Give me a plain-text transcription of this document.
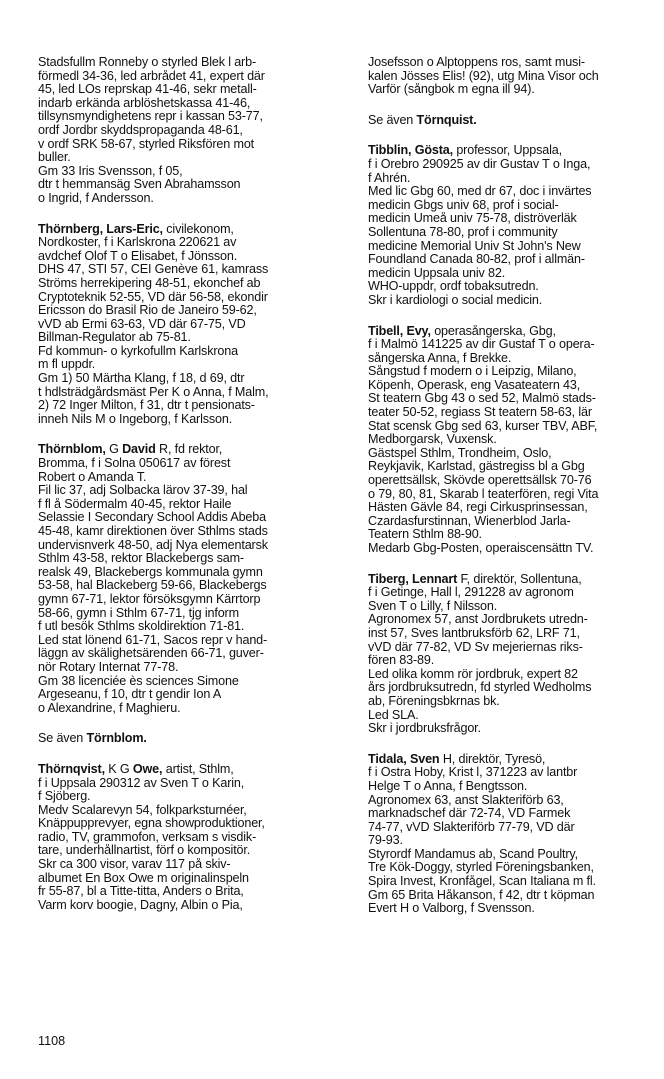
Stadsfullm Ronneby o styrled Blek l arb-
förmedl 34-36, led arbrådet 41, expert där
45, led LOs reprskap 41-46, sekr metall-
indarb erkända arblöshetskassa 41-46,
tillsynsmyndighetens repr i kassan 53-77,
ordf Jordbr skyddspropaganda 48-61,
v ordf SRK 58-67, styrled Riksfören mot
buller.
Gm 33 Iris Svensson, f 05,
dtr t hemmansäg Sven Abrahamsson
o Ingrid, f Andersson.
Thörnberg, Lars-Eric, civilekonom,
Nordkoster, f i Karlskrona 220621 av
avdchef Olof T o Elisabet, f Jönsson.
DHS 47, STI 57, CEI Genève 61, kamrass
Ströms herrekipering 48-51, ekonchef ab
Cryptoteknik 52-55, VD där 56-58, ekondir
Ericsson do Brasil Rio de Janeiro 59-62,
vVD ab Ermi 63-63, VD där 67-75, VD
Billman-Regulator ab 75-81.
Fd kommun- o kyrkofullm Karlskrona
m fl uppdr.
Gm 1) 50 Märtha Klang, f 18, d 69, dtr
t hdlsträdgårdsmäst Per K o Anna, f Malm,
2) 72 Inger Milton, f 31, dtr t pensionats-
inneh Nils M o Ingeborg, f Karlsson.
Thörnblom, G David R, fd rektor,
Bromma, f i Solna 050617 av förest
Robert o Amanda T.
Fil lic 37, adj Solbacka lärov 37-39, hal
f fl å Södermalm 40-45, rektor Haile
Selassie I Secondary School Addis Abeba
45-48, kamr direktionen över Sthlms stads
undervisnverk 48-50, adj Nya elementarsk
Sthlm 43-58, rektor Blackebergs sam-
realsk 49, Blackebergs kommunala gymn
53-58, hal Blackeberg 59-66, Blackebergs
gymn 67-71, lektor försöksgymn Kärrtorp
58-66, gymn i Sthlm 67-71, tjg inform
f utl besök Sthlms skoldirektion 71-81.
Led stat lönend 61-71, Sacos repr v hand-
läggn av skälighetsärenden 66-71, guver-
nör Rotary Internat 77-78.
Gm 38 licenciée ès sciences Simone
Argeseanu, f 10, dtr t gendir Ion A
o Alexandrine, f Maghieru.
Se även Törnblom.
Thörnqvist, K G Owe, artist, Sthlm,
f i Uppsala 290312 av Sven T o Karin,
f Sjöberg.
Medv Scalarevyn 54, folkparksturnéer,
Knäppupprevyer, egna showproduktioner,
radio, TV, grammofon, verksam s visdik-
tare, underhållnartist, förf o kompositör.
Skr ca 300 visor, varav 117 på skiv-
albumet En Box Owe m originalinspeln
fr 55-87, bl a Titte-titta, Anders o Brita,
Varm korv boogie, Dagny, Albin o Pia,
Josefsson o Alptoppens ros, samt musi-
kalen Jösses Elis! (92), utg Mina Visor och
Varför (sångbok m egna ill 94).
Se även Törnquist.
Tibblin, Gösta, professor, Uppsala,
f i Örebro 290925 av dir Gustav T o Inga,
f Ahrén.
Med lic Gbg 60, med dr 67, doc i invärtes
medicin Gbgs univ 68, prof i social-
medicin Umeå univ 75-78, diströverläk
Sollentuna 78-80, prof i community
medicine Memorial Univ St John's New
Foundland Canada 80-82, prof i allmän-
medicin Uppsala univ 82.
WHO-uppdr, ordf tobaksutredn.
Skr i kardiologi o social medicin.
Tibell, Evy, operasångerska, Gbg,
f i Malmö 141225 av dir Gustaf T o opera-
sångerska Anna, f Brekke.
Sångstud f modern o i Leipzig, Milano,
Köpenh, Operask, eng Vasateatern 43,
St teatern Gbg 43 o sed 52, Malmö stads-
teater 50-52, regiass St teatern 58-63, lär
Stat scensk Gbg sed 63, kurser TBV, ABF,
Medborgarsk, Vuxensk.
Gästspel Sthlm, Trondheim, Oslo,
Reykjavik, Karlstad, gästregiss bl a Gbg
operettsällsk, Skövde operettsällsk 70-76
o 79, 80, 81, Skarab l teaterfören, regi Vita
Hästen Gävle 84, regi Cirkusprinsessan,
Czardasfurstinnan, Wienerblod Jarla-
Teatern Sthlm 88-90.
Medarb Gbg-Posten, operaiscensättn TV.
Tiberg, Lennart F, direktör, Sollentuna,
f i Getinge, Hall l, 291228 av agronom
Sven T o Lilly, f Nilsson.
Agronomex 57, anst Jordbrukets utredn-
inst 57, Sves lantbruksförb 62, LRF 71,
vVD där 77-82, VD Sv mejeriernas riks-
fören 83-89.
Led olika komm rör jordbruk, expert 82
års jordbruksutredn, fd styrled Wedholms
ab, Föreningsbkrnas bk.
Led SLA.
Skr i jordbruksfrågor.
Tidala, Sven H, direktör, Tyresö,
f i Östra Hoby, Krist l, 371223 av lantbr
Helge T o Anna, f Bengtsson.
Agronomex 63, anst Slakteriförb 63,
marknadschef där 72-74, VD Farmek
74-77, vVD Slakteriförb 77-79, VD där
79-93.
Styrordf Mandamus ab, Scand Poultry,
Tre Kök-Doggy, styrled Föreningsbanken,
Spira Invest, Kronfågel, Scan Italiana m fl.
Gm 65 Brita Håkanson, f 42, dtr t köpman
Evert H o Valborg, f Svensson.
1108
